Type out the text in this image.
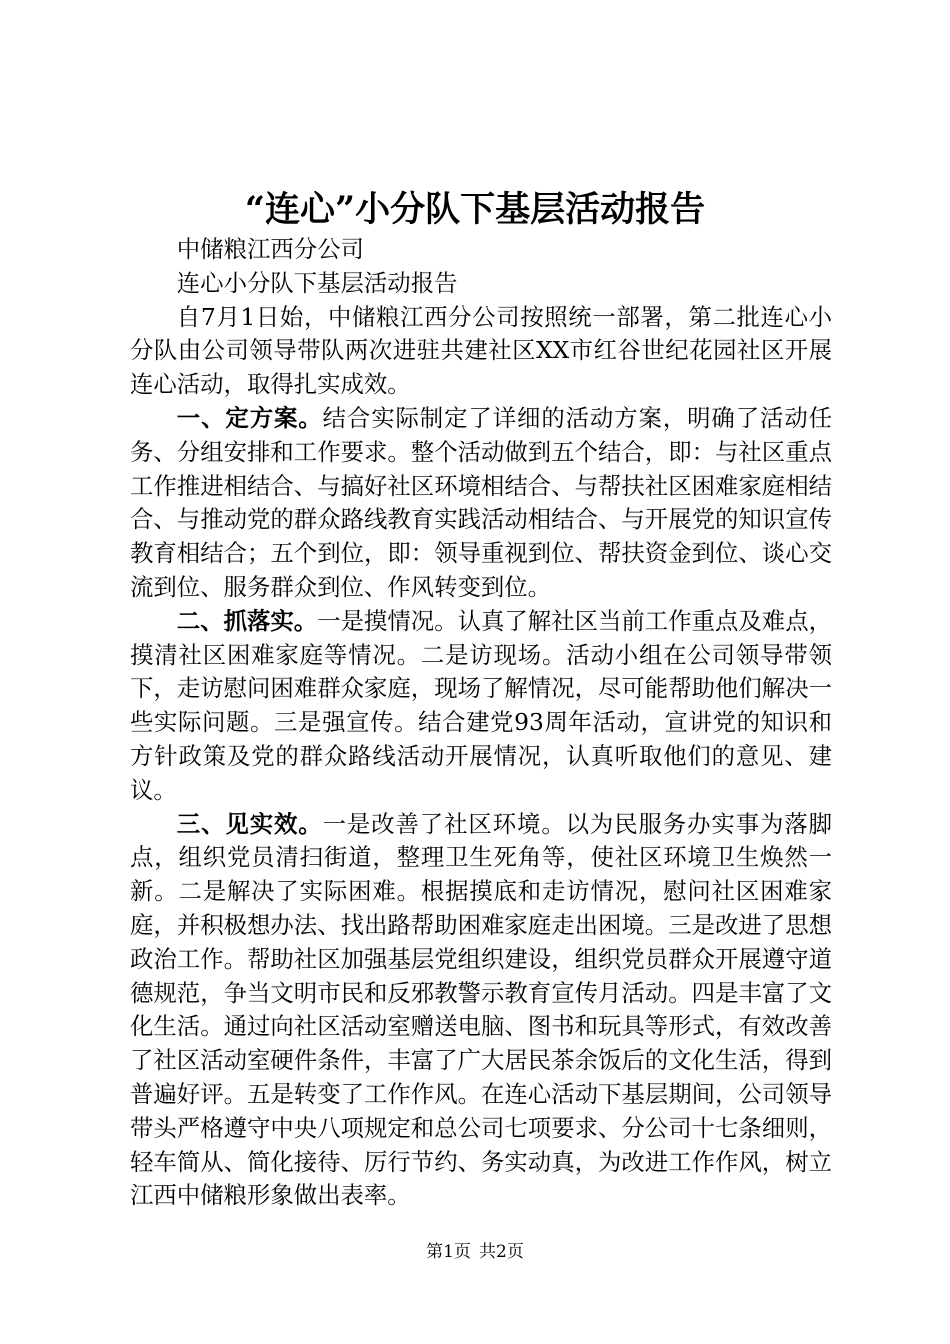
“连心”小分队下基层活动报告

中储粮江西分公司

连心小分队下基层活动报告

自7月1日始，中储粮江西分公司按照统一部署，第二批连心小分队由公司领导带队两次进驻共建社区XX市红谷世纪花园社区开展连心活动，取得扎实成效。

一、定方案。结合实际制定了详细的活动方案，明确了活动任务、分组安排和工作要求。整个活动做到五个结合，即：与社区重点工作推进相结合、与搞好社区环境相结合、与帮扶社区困难家庭相结合、与推动党的群众路线教育实践活动相结合、与开展党的知识宣传教育相结合；五个到位，即：领导重视到位、帮扶资金到位、谈心交流到位、服务群众到位、作风转变到位。

二、抓落实。一是摸情况。认真了解社区当前工作重点及难点，摸清社区困难家庭等情况。二是访现场。活动小组在公司领导带领下，走访慰问困难群众家庭，现场了解情况，尽可能帮助他们解决一些实际问题。三是强宣传。结合建党93周年活动，宣讲党的知识和方针政策及党的群众路线活动开展情况，认真听取他们的意见、建议。

三、见实效。一是改善了社区环境。以为民服务办实事为落脚点，组织党员清扫街道，整理卫生死角等，使社区环境卫生焕然一新。二是解决了实际困难。根据摸底和走访情况，慰问社区困难家庭，并积极想办法、找出路帮助困难家庭走出困境。三是改进了思想政治工作。帮助社区加强基层党组织建设，组织党员群众开展遵守道德规范，争当文明市民和反邪教警示教育宣传月活动。四是丰富了文化生活。通过向社区活动室赠送电脑、图书和玩具等形式，有效改善了社区活动室硬件条件，丰富了广大居民茶余饭后的文化生活，得到普遍好评。五是转变了工作作风。在连心活动下基层期间，公司领导带头严格遵守中央八项规定和总公司七项要求、分公司十七条细则，轻车简从、简化接待、厉行节约、务实动真，为改进工作作风，树立江西中储粮形象做出表率。

第1页 共2页
